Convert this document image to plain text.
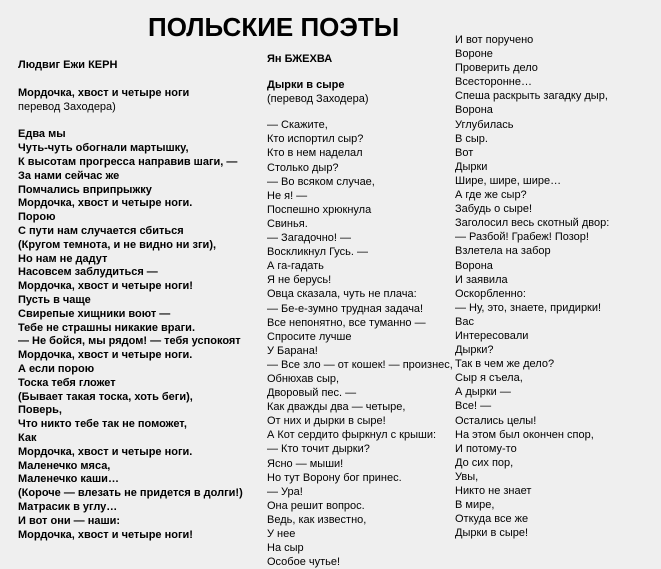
ПОЛЬСКИЕ ПОЭТЫ
Людвиг Ежи КЕРН
Мордочка, хвост и четыре ноги
перевод Заходера)
Едва мы
Чуть-чуть обогнали мартышку,
К высотам прогресса направив шаги, —
За нами сейчас же
Помчались вприпрыжку
Мордочка, хвост и четыре ноги.
Порою
С пути нам случается сбиться
(Кругом темнота, и не видно ни зги),
Но нам не дадут
Насовсем заблудиться —
Мордочка, хвост и четыре ноги!
Пусть в чаще
Свирепые хищники воют —
Тебе не страшны никакие враги.
— Не бойся, мы рядом! — тебя успокоят
Мордочка, хвост и четыре ноги.
А если порою
Тоска тебя гложет
(Бывает такая тоска, хоть беги),
Поверь,
Что никто тебе так не поможет,
Как
Мордочка, хвост и четыре ноги.
Маленечко мяса,
Маленечко каши…
(Короче — влезать не придется в долги!)
Матрасик в углу…
И вот они — наши:
Мордочка, хвост и четыре ноги!
Ян БЖЕХВА
Дырки в сыре
(перевод Заходера)
— Скажите,
Кто испортил сыр?
Кто в нем наделал
Столько дыр?
— Во всяком случае,
Не я! —
Поспешно хрюкнула
Свинья.
— Загадочно! —
Воскликнул Гусь. —
А га-гадать
Я не берусь!
Овца сказала, чуть не плача:
— Бе-е-зумно трудная задача!
Все непонятно, все туманно —
Спросите лучше
У Барана!
— Все зло — от кошек! — произнес,
Обнюхав сыр,
Дворовый пес. —
Как дважды два — четыре,
От них и дырки в сыре!
А Кот сердито фыркнул с крыши:
— Кто точит дырки?
Ясно — мыши!
Но тут Ворону бог принес.
— Ура!
Она решит вопрос.
Ведь, как известно,
У нее
На сыр
Особое чутье!
И вот поручено
Вороне
Проверить дело
Всесторонне…
Спеша раскрыть загадку дыр,
Ворона
Углубилась
В сыр.
Вот
Дырки
Шире, шире, шире…
А где же сыр?
Забудь о сыре!
Заголосил весь скотный двор:
— Разбой! Грабеж! Позор!
Взлетела на забор
Ворона
И заявила
Оскорбленно:
— Ну, это, знаете, придирки!
Вас
Интересовали
Дырки?
Так в чем же дело?
Сыр я съела,
А дырки —
Все! —
Остались целы!
На этом был окончен спор,
И потому-то
До сих пор,
Увы,
Никто не знает
В мире,
Откуда все же
Дырки в сыре!
